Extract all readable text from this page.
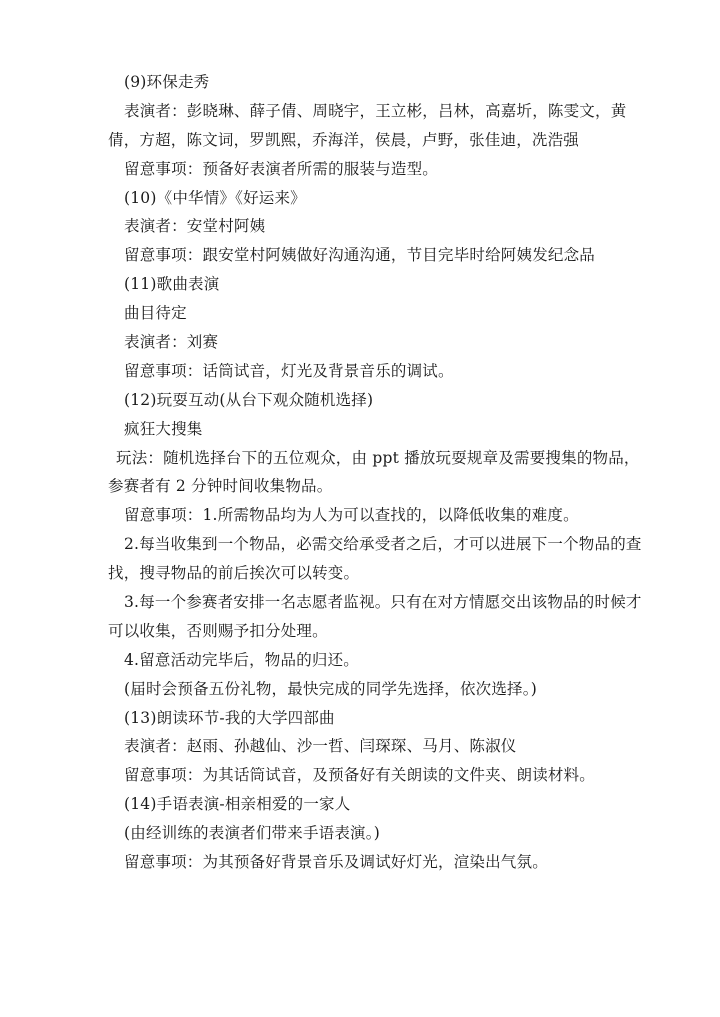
(9)环保走秀
表演者：彭晓琳、薛子倩、周晓宇，王立彬，吕林，高嘉圻，陈雯文，黄
倩，方超，陈文词，罗凯熙，乔海洋，侯晨，卢野，张佳迪，冼浩强
留意事项：预备好表演者所需的服装与造型。
(10)《中华情》《好运来》
表演者：安堂村阿姨
留意事项：跟安堂村阿姨做好沟通沟通，节目完毕时给阿姨发纪念品
(11)歌曲表演
曲目待定
表演者：刘赛
留意事项：话筒试音，灯光及背景音乐的调试。
(12)玩耍互动(从台下观众随机选择)
疯狂大搜集
玩法：随机选择台下的五位观众，由 ppt 播放玩耍规章及需要搜集的物品，
参赛者有 2 分钟时间收集物品。
留意事项：1.所需物品均为人为可以查找的，以降低收集的难度。
2.每当收集到一个物品，必需交给承受者之后，才可以进展下一个物品的查
找，搜寻物品的前后挨次可以转变。
3.每一个参赛者安排一名志愿者监视。只有在对方情愿交出该物品的时候才
可以收集，否则赐予扣分处理。
4.留意活动完毕后，物品的归还。
(届时会预备五份礼物，最快完成的同学先选择，依次选择。)
(13)朗读环节-我的大学四部曲
表演者：赵雨、孙越仙、沙一哲、闫琛琛、马月、陈淑仪
留意事项：为其话筒试音，及预备好有关朗读的文件夹、朗读材料。
(14)手语表演-相亲相爱的一家人
(由经训练的表演者们带来手语表演。)
留意事项：为其预备好背景音乐及调试好灯光，渲染出气氛。
